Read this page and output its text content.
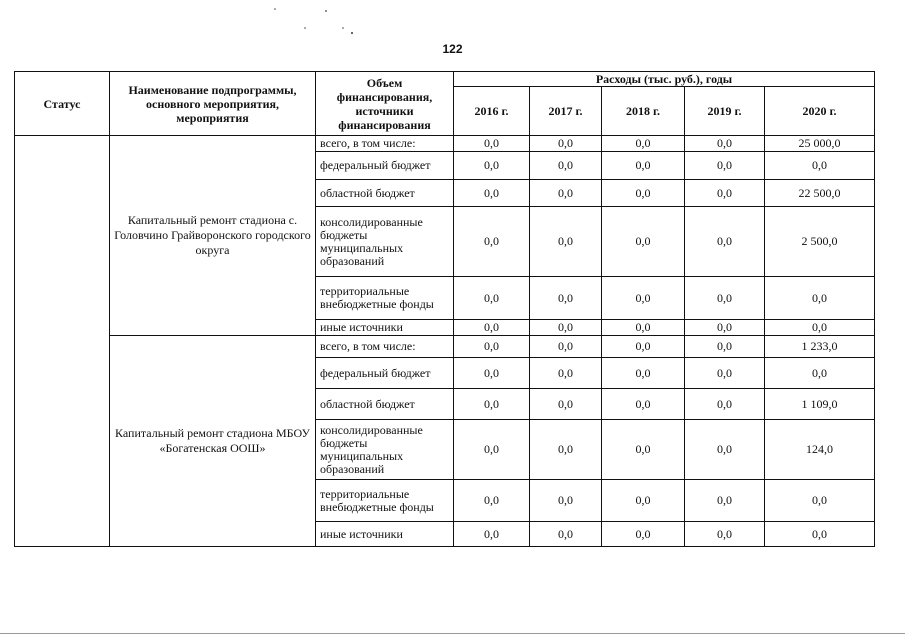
122
Статус	Наименование подпрограммы, основного мероприятия, мероприятия	Объем финансирования, источники финансирования	Расходы (тыс. руб.), годы				
			2016 г.	2017 г.	2018 г.	2019 г.	2020 г.
	Капитальный ремонт стадиона с. Головчино Грайворонского городского округа	всего, в том числе:	0,0	0,0	0,0	0,0	25 000,0
		федеральный бюджет	0,0	0,0	0,0	0,0	0,0
		областной бюджет	0,0	0,0	0,0	0,0	22 500,0
		консолидированные бюджеты муниципальных образований	0,0	0,0	0,0	0,0	2 500,0
		территориальные внебюджетные фонды	0,0	0,0	0,0	0,0	0,0
		иные источники	0,0	0,0	0,0	0,0	0,0
	Капитальный ремонт стадиона МБОУ «Богатенская ООШ»	всего, в том числе:	0,0	0,0	0,0	0,0	1 233,0
		федеральный бюджет	0,0	0,0	0,0	0,0	0,0
		областной бюджет	0,0	0,0	0,0	0,0	1 109,0
		консолидированные бюджеты муниципальных образований	0,0	0,0	0,0	0,0	124,0
		территориальные внебюджетные фонды	0,0	0,0	0,0	0,0	0,0
		иные источники	0,0	0,0	0,0	0,0	0,0
